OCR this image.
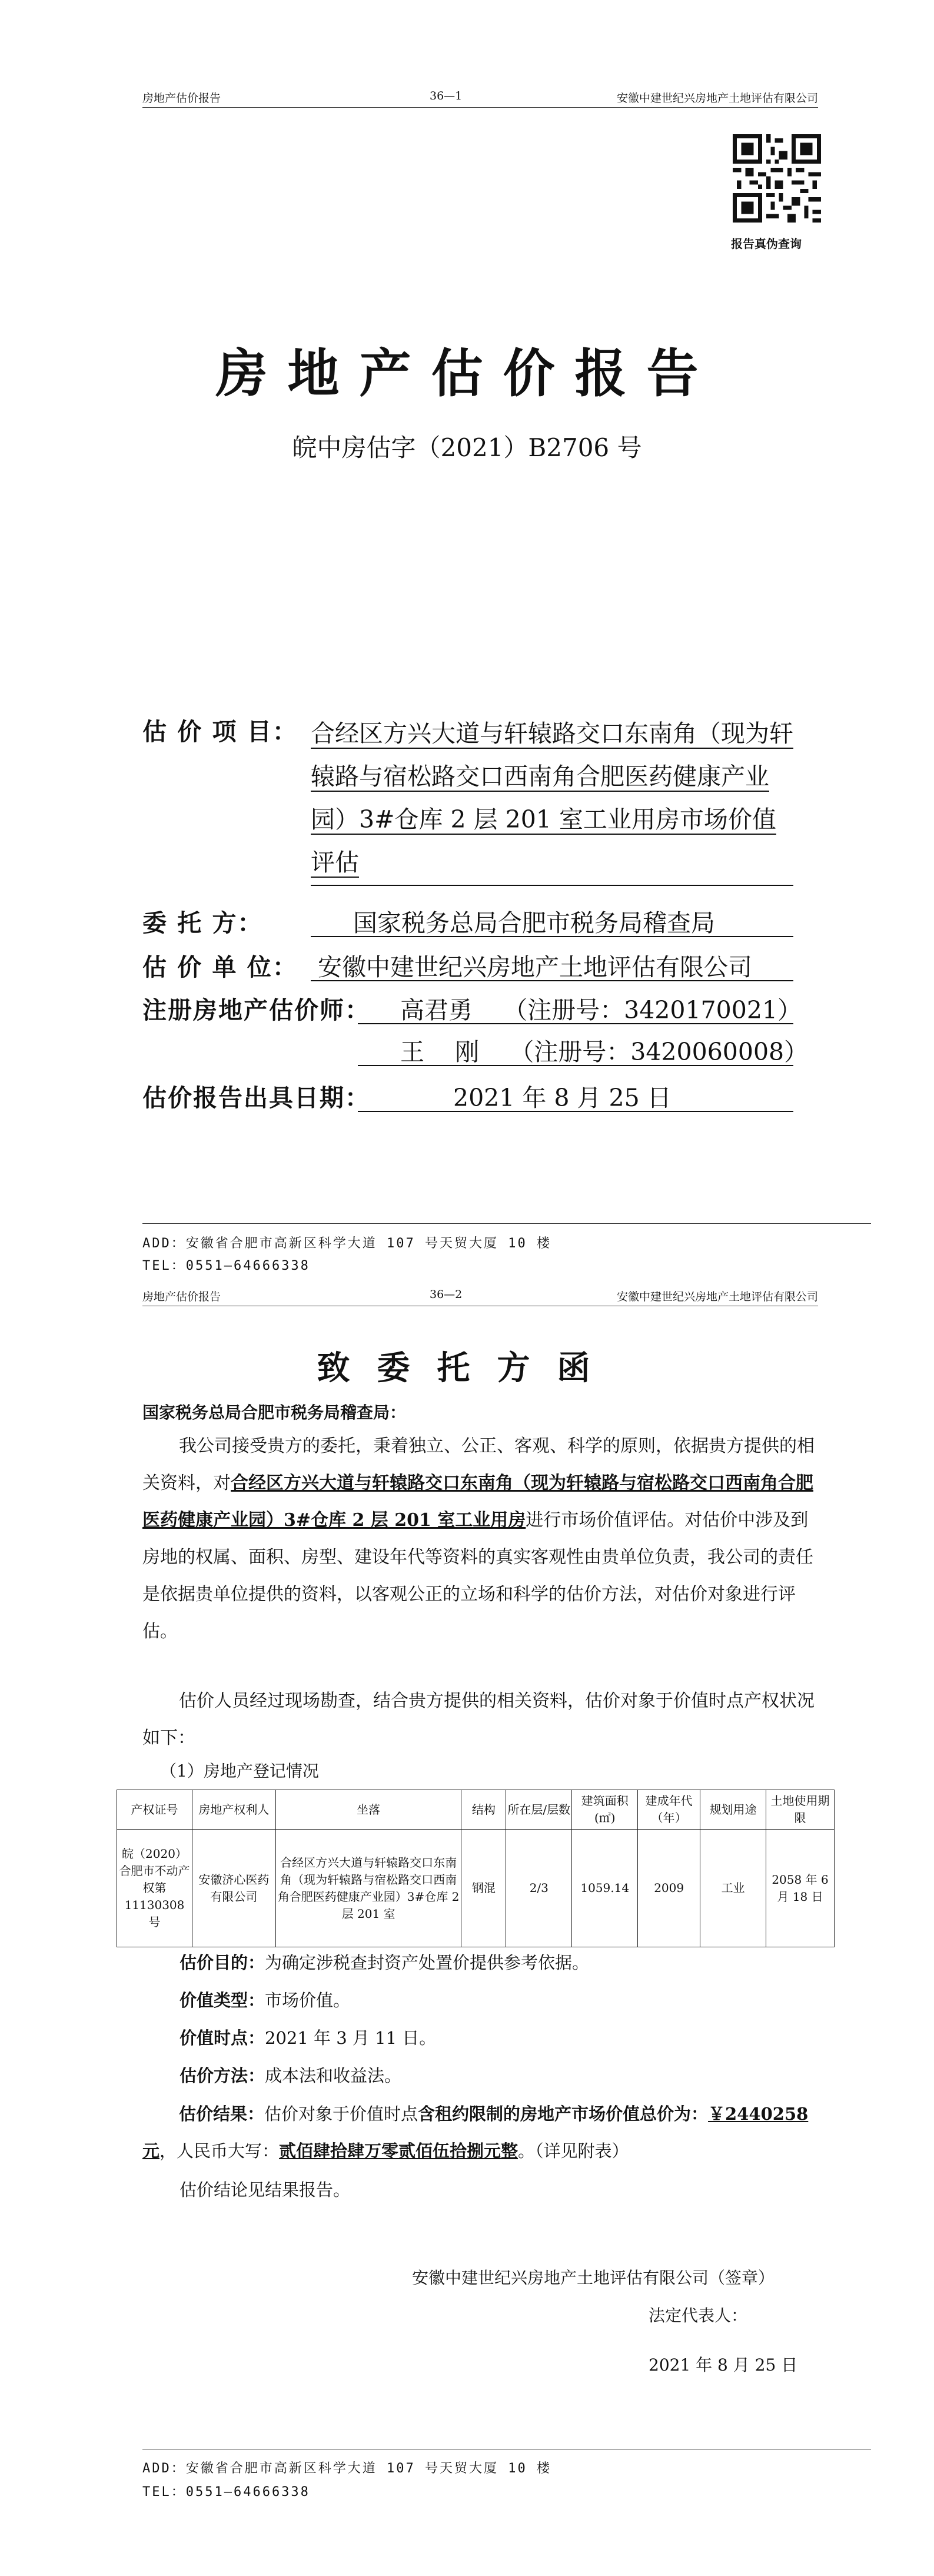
房地产估价报告	36—1	安徽中建世纪兴房地产土地评估有限公司
报告真伪查询
房地产估价报告
皖中房估字（2021）B2706 号
估 价 项 目： 合经区方兴大道与轩辕路交口东南角（现为轩辕路与宿松路交口西南角合肥医药健康产业园）3#仓库 2 层 201 室工业用房市场价值评估
委 托 方：	国家税务总局合肥市税务局稽查局
估 价 单 位： 安徽中建世纪兴房地产土地评估有限公司
注册房地产估价师： 高君勇    （注册号：3420170021）
王    刚    （注册号：3420060008）
估价报告出具日期：	2021 年 8 月 25 日
ADD：安徽省合肥市高新区科学大道 107 号天贸大厦 10 楼
TEL：0551—64666338
房地产估价报告	36—2	安徽中建世纪兴房地产土地评估有限公司
致委托方函
国家税务总局合肥市税务局稽查局：
我公司接受贵方的委托，秉着独立、公正、客观、科学的原则，依据贵方提供的相关资料，对合经区方兴大道与轩辕路交口东南角（现为轩辕路与宿松路交口西南角合肥医药健康产业园）3#仓库 2 层 201 室工业用房进行市场价值评估。对估价中涉及到房地的权属、面积、房型、建设年代等资料的真实客观性由贵单位负责，我公司的责任是依据贵单位提供的资料，以客观公正的立场和科学的估价方法，对估价对象进行评估。
估价人员经过现场勘查，结合贵方提供的相关资料，估价对象于价值时点产权状况如下：
（1）房地产登记情况
产权证号	房地产权利人	坐落	结构	所在层/层数	建筑面积(㎡)	建成年代（年）	规划用途	土地使用期限
皖（2020）合肥市不动产权第 11130308 号	安徽济心医药有限公司	合经区方兴大道与轩辕路交口东南角（现为轩辕路与宿松路交口西南角合肥医药健康产业园）3#仓库 2 层 201 室	钢混	2/3	1059.14	2009	工业	2058 年 6 月 18 日
估价目的：为确定涉税查封资产处置价提供参考依据。
价值类型：市场价值。
价值时点：2021 年 3 月 11 日。
估价方法：成本法和收益法。
估价结果：估价对象于价值时点含租约限制的房地产市场价值总价为：￥2440258 元，人民币大写：贰佰肆拾肆万零贰佰伍拾捌元整。（详见附表）
估价结论见结果报告。
安徽中建世纪兴房地产土地评估有限公司（签章）
法定代表人：
2021 年 8 月 25 日
ADD：安徽省合肥市高新区科学大道 107 号天贸大厦 10 楼
TEL：0551—64666338
